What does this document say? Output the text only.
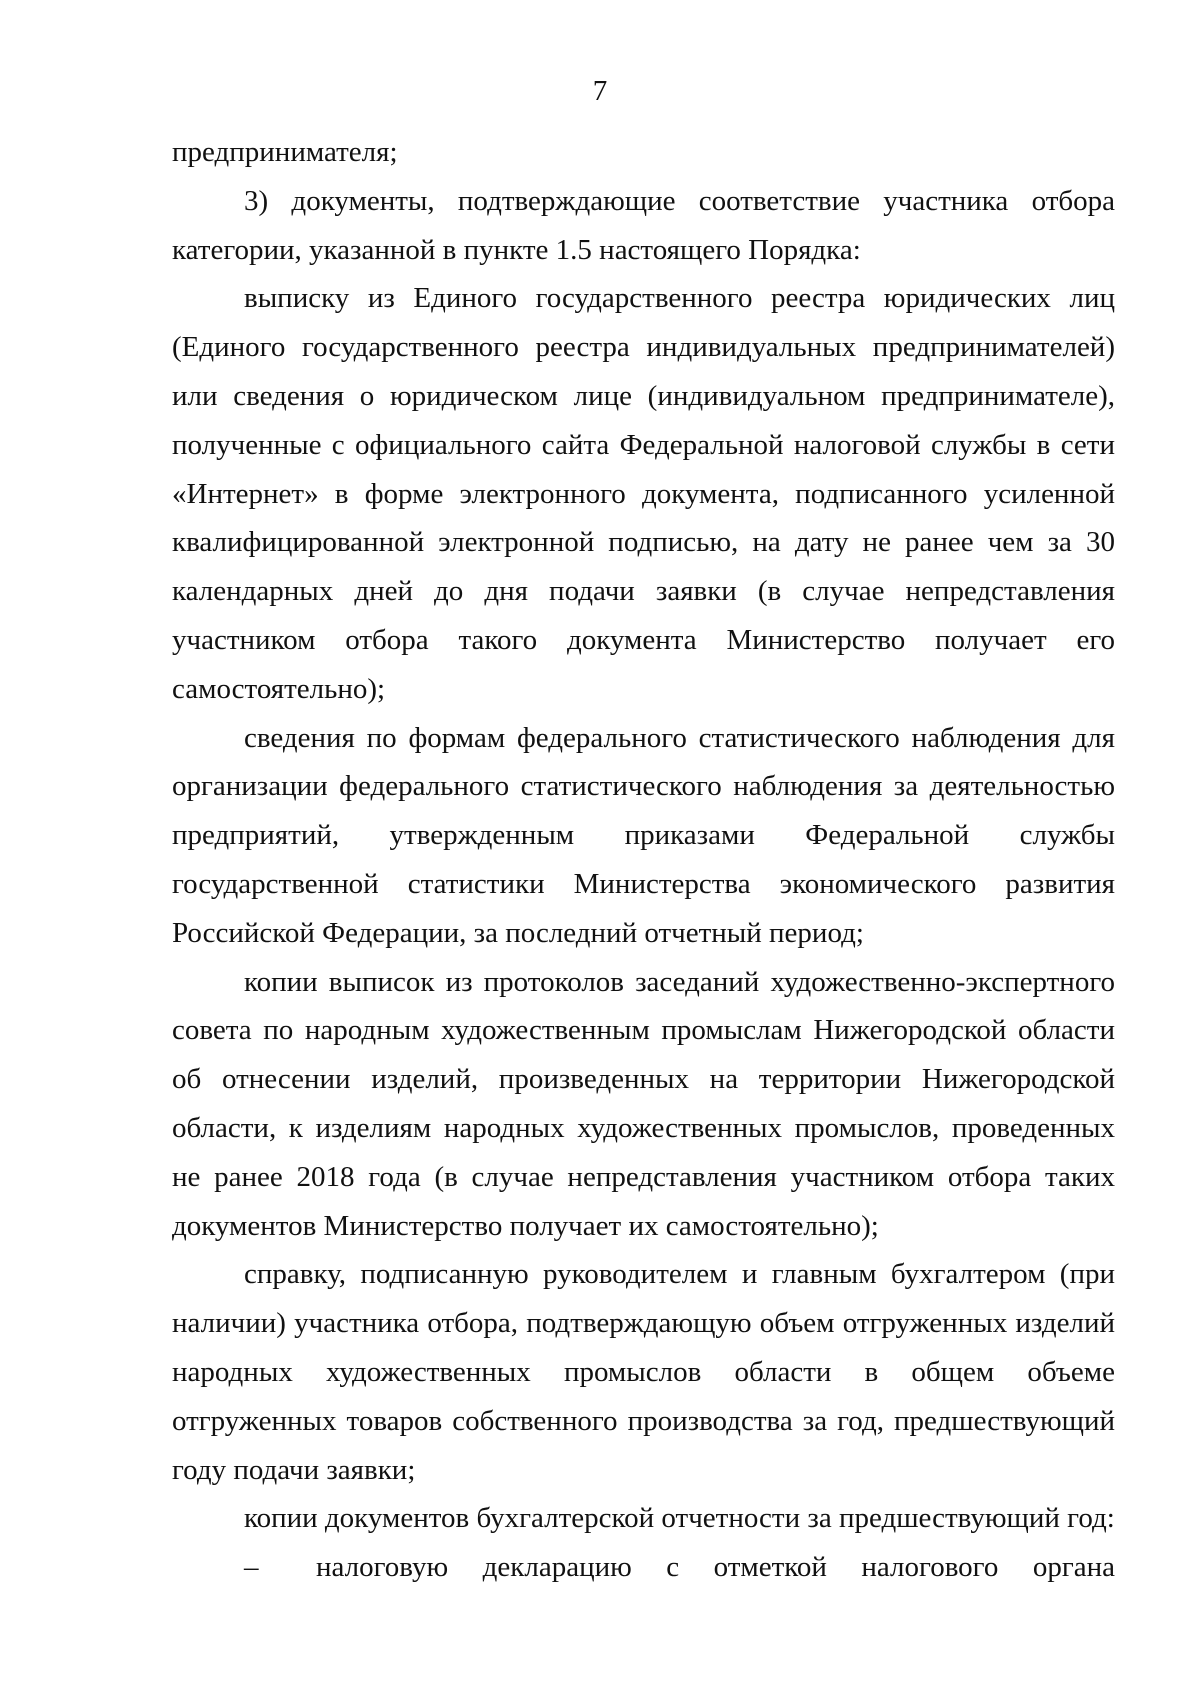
7

предпринимателя;

3) документы, подтверждающие соответствие участника отбора категории, указанной в пункте 1.5 настоящего Порядка:

выписку из Единого государственного реестра юридических лиц (Единого государственного реестра индивидуальных предпринимателей) или сведения о юридическом лице (индивидуальном предпринимателе), полученные с официального сайта Федеральной налоговой службы в сети «Интернет» в форме электронного документа, подписанного усиленной квалифицированной электронной подписью, на дату не ранее чем за 30 календарных дней до дня подачи заявки (в случае непредставления участником отбора такого документа Министерство получает его самостоятельно);

сведения по формам федерального статистического наблюдения для организации федерального статистического наблюдения за деятельностью предприятий, утвержденным приказами Федеральной службы государственной статистики Министерства экономического развития Российской Федерации, за последний отчетный период;

копии выписок из протоколов заседаний художественно-экспертного совета по народным художественным промыслам Нижегородской области об отнесении изделий, произведенных на территории Нижегородской области, к изделиям народных художественных промыслов, проведенных не ранее 2018 года (в случае непредставления участником отбора таких документов Министерство получает их самостоятельно);

справку, подписанную руководителем и главным бухгалтером (при наличии) участника отбора, подтверждающую объем отгруженных изделий народных художественных промыслов области в общем объеме отгруженных товаров собственного производства за год, предшествующий году подачи заявки;

копии документов бухгалтерской отчетности за предшествующий год:

–	налоговую декларацию с отметкой налогового органа
